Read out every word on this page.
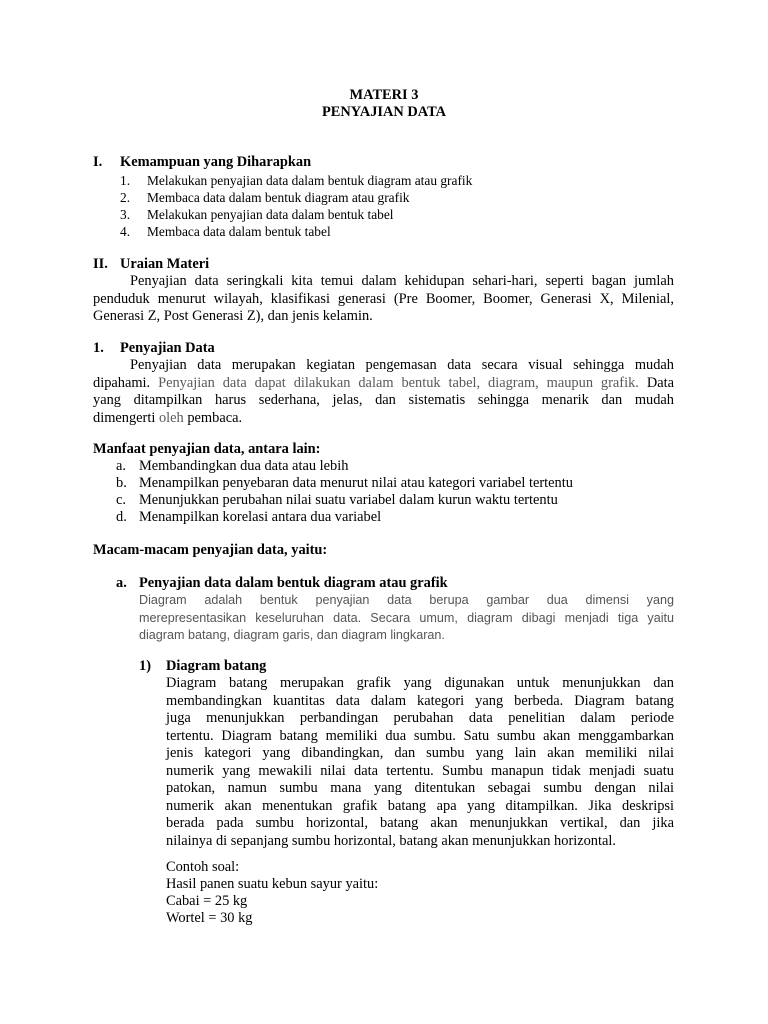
MATERI 3
PENYAJIAN DATA
I. Kemampuan yang Diharapkan
1. Melakukan penyajian data dalam bentuk diagram atau grafik
2. Membaca data dalam bentuk diagram atau grafik
3. Melakukan penyajian data dalam bentuk tabel
4. Membaca data dalam bentuk tabel
II. Uraian Materi
Penyajian data seringkali kita temui dalam kehidupan sehari-hari, seperti bagan jumlah
penduduk menurut wilayah, klasifikasi generasi (Pre Boomer, Boomer, Generasi X, Milenial,
Generasi Z, Post Generasi Z), dan jenis kelamin.
1. Penyajian Data
Penyajian data merupakan kegiatan pengemasan data secara visual sehingga mudah
dipahami. Penyajian data dapat dilakukan dalam bentuk tabel, diagram, maupun grafik. Data
yang ditampilkan harus sederhana, jelas, dan sistematis sehingga menarik dan mudah
dimengerti oleh pembaca.
Manfaat penyajian data, antara lain:
a. Membandingkan dua data atau lebih
b. Menampilkan penyebaran data menurut nilai atau kategori variabel tertentu
c. Menunjukkan perubahan nilai suatu variabel dalam kurun waktu tertentu
d. Menampilkan korelasi antara dua variabel
Macam-macam penyajian data, yaitu:
a. Penyajian data dalam bentuk diagram atau grafik
Diagram adalah bentuk penyajian data berupa gambar dua dimensi yang
merepresentasikan keseluruhan data. Secara umum, diagram dibagi menjadi tiga yaitu
diagram batang, diagram garis, dan diagram lingkaran.
1) Diagram batang
Diagram batang merupakan grafik yang digunakan untuk menunjukkan dan
membandingkan kuantitas data dalam kategori yang berbeda. Diagram batang
juga menunjukkan perbandingan perubahan data penelitian dalam periode
tertentu. Diagram batang memiliki dua sumbu. Satu sumbu akan menggambarkan
jenis kategori yang dibandingkan, dan sumbu yang lain akan memiliki nilai
numerik yang mewakili nilai data tertentu. Sumbu manapun tidak menjadi suatu
patokan, namun sumbu mana yang ditentukan sebagai sumbu dengan nilai
numerik akan menentukan grafik batang apa yang ditampilkan. Jika deskripsi
berada pada sumbu horizontal, batang akan menunjukkan vertikal, dan jika
nilainya di sepanjang sumbu horizontal, batang akan menunjukkan horizontal.
Contoh soal:
Hasil panen suatu kebun sayur yaitu:
Cabai = 25 kg
Wortel = 30 kg
